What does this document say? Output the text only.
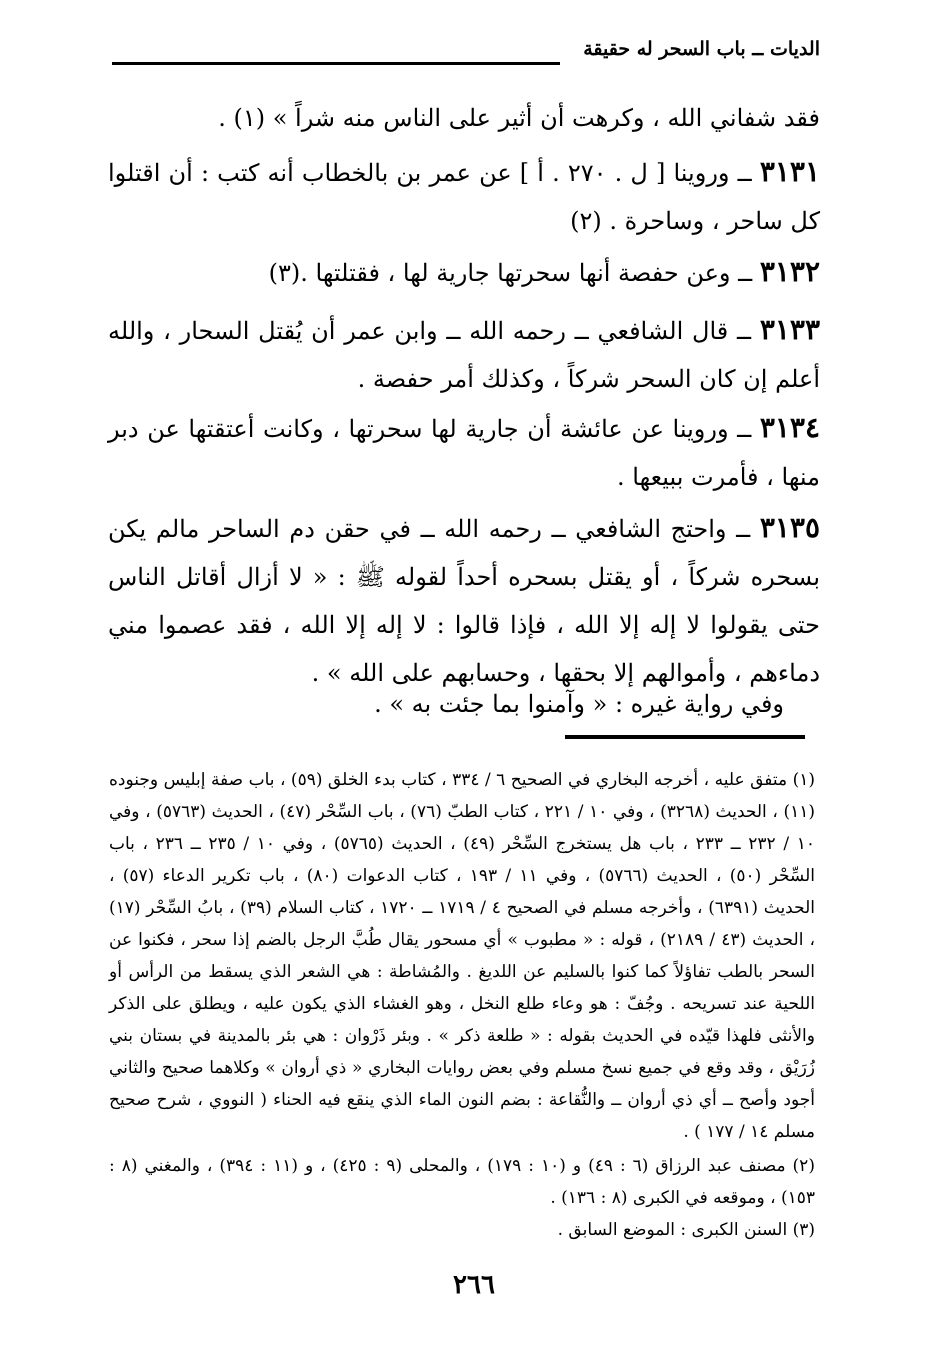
الديات ــ باب السحر له حقيقة
فقد شفاني الله ، وكرهت أن أثير على الناس منه شراً » (١) .
٣١٣١ ــ وروينا [ ل . ٢٧٠ . أ ] عن عمر بن بالخطاب أنه كتب : أن اقتلوا كل ساحر ، وساحرة . (٢)
٣١٣٢ ــ وعن حفصة أنها سحرتها جارية لها ، فقتلتها .(٣)
٣١٣٣ ــ قال الشافعي ــ رحمه الله ــ وابن عمر أن يُقتل السحار ، والله أعلم إن كان السحر شركاً ، وكذلك أمر حفصة .
٣١٣٤ ــ وروينا عن عائشة أن جارية لها سحرتها ، وكانت أعتقتها عن دبر منها ، فأمرت ببيعها .
٣١٣٥ ــ واحتج الشافعي ــ رحمه الله ــ في حقن دم الساحر مالم يكن بسحره شركاً ، أو يقتل بسحره أحداً لقوله ﷺ : « لا أزال أقاتل الناس حتى يقولوا لا إله إلا الله ، فإذا قالوا : لا إله إلا الله ، فقد عصموا مني دماءهم ، وأموالهم إلا بحقها ، وحسابهم على الله » .
وفي رواية غيره : « وآمنوا بما جئت به » .
(١) متفق عليه ، أخرجه البخاري في الصحيح ٦ / ٣٣٤ ، كتاب بدء الخلق (٥٩) ، باب صفة إبليس وجنوده (١١) ، الحديث (٣٢٦٨) ، وفي ١٠ / ٢٢١ ، كتاب الطبّ (٧٦) ، باب السِّحْر (٤٧) ، الحديث (٥٧٦٣) ، وفي ١٠ / ٢٣٢ ــ ٢٣٣ ، باب هل يستخرج السِّحْر (٤٩) ، الحديث (٥٧٦٥) ، وفي ١٠ / ٢٣٥ ــ ٢٣٦ ، باب السِّحْر (٥٠) ، الحديث (٥٧٦٦) ، وفي ١١ / ١٩٣ ، كتاب الدعوات (٨٠) ، باب تكرير الدعاء (٥٧) ، الحديث (٦٣٩١) ، وأخرجه مسلم في الصحيح ٤ / ١٧١٩ ــ ١٧٢٠ ، كتاب السلام (٣٩) ، بابُ السِّحْر (١٧) ، الحديث (٤٣ / ٢١٨٩) ، قوله : « مطبوب » أي مسحور يقال طُبَّ الرجل بالضم إذا سحر ، فكنوا عن السحر بالطب تفاؤلاً كما كنوا بالسليم عن اللديغ . والمُشاطة : هي الشعر الذي يسقط من الرأس أو اللحية عند تسريحه . وجُفّ : هو وعاء طلع النخل ، وهو الغشاء الذي يكون عليه ، ويطلق على الذكر والأنثى فلهذا قيّده في الحديث بقوله : « طلعة ذكر » . وبئر ذَرْوان : هي بئر بالمدينة في بستان بني زُرَيْق ، وقد وقع في جميع نسخ مسلم وفي بعض روايات البخاري « ذي أروان » وكلاهما صحيح والثاني أجود وأصح ــ أي ذي أروان ــ والنُّقاعة : بضم النون الماء الذي ينقع فيه الحناء ( النووي ، شرح صحيح مسلم ١٤ / ١٧٧ ) .
(٢) مصنف عبد الرزاق (٦ : ٤٩) و (١٠ : ١٧٩) ، والمحلى (٩ : ٤٢٥) ، و (١١ : ٣٩٤) ، والمغني (٨ : ١٥٣) ، وموقعه في الكبرى (٨ : ١٣٦) .
(٣) السنن الكبرى : الموضع السابق .
٢٦٦
